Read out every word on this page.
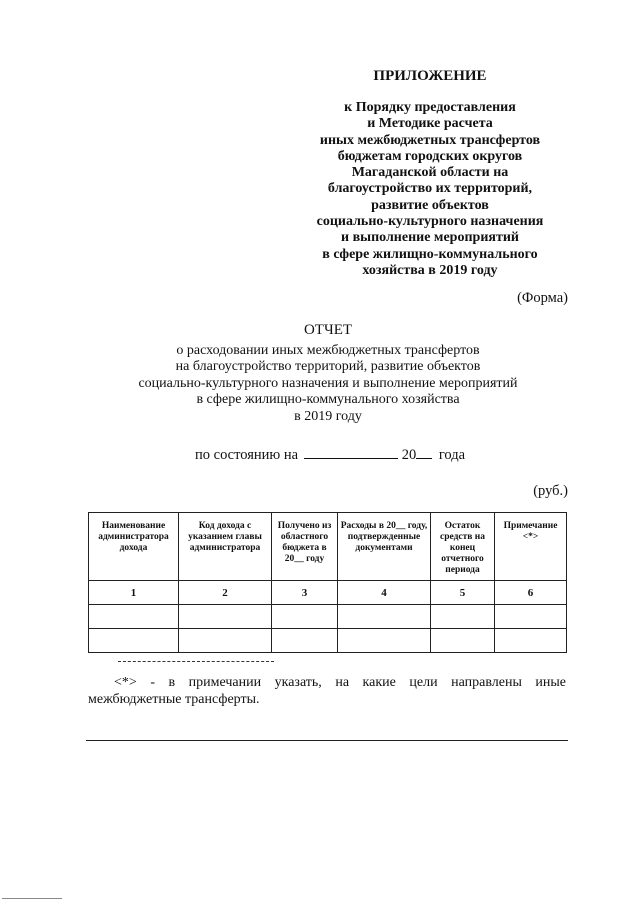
ПРИЛОЖЕНИЕ
к Порядку предоставления
и Методике расчета
иных межбюджетных трансфертов
бюджетам городских округов
Магаданской области на
благоустройство их территорий,
развитие объектов
социально-культурного назначения
и выполнение мероприятий
в сфере жилищно-коммунального
хозяйства в 2019 году
(Форма)
ОТЧЕТ
о расходовании иных межбюджетных трансфертов
на благоустройство территорий, развитие объектов
социально-культурного назначения и выполнение мероприятий
в сфере жилищно-коммунального хозяйства
в 2019 году
по состоянию на	20 года
(руб.)
Наименование администратора дохода	Код дохода с указанием главы администратора	Получено из областного бюджета в 20__ году	Расходы в 20__ году, подтвержденные документами	Остаток средств на конец отчетного периода	Примечание <*>
1	2	3	4	5	6

<*> - в примечании указать, на какие цели направлены иные межбюджетные трансферты.
